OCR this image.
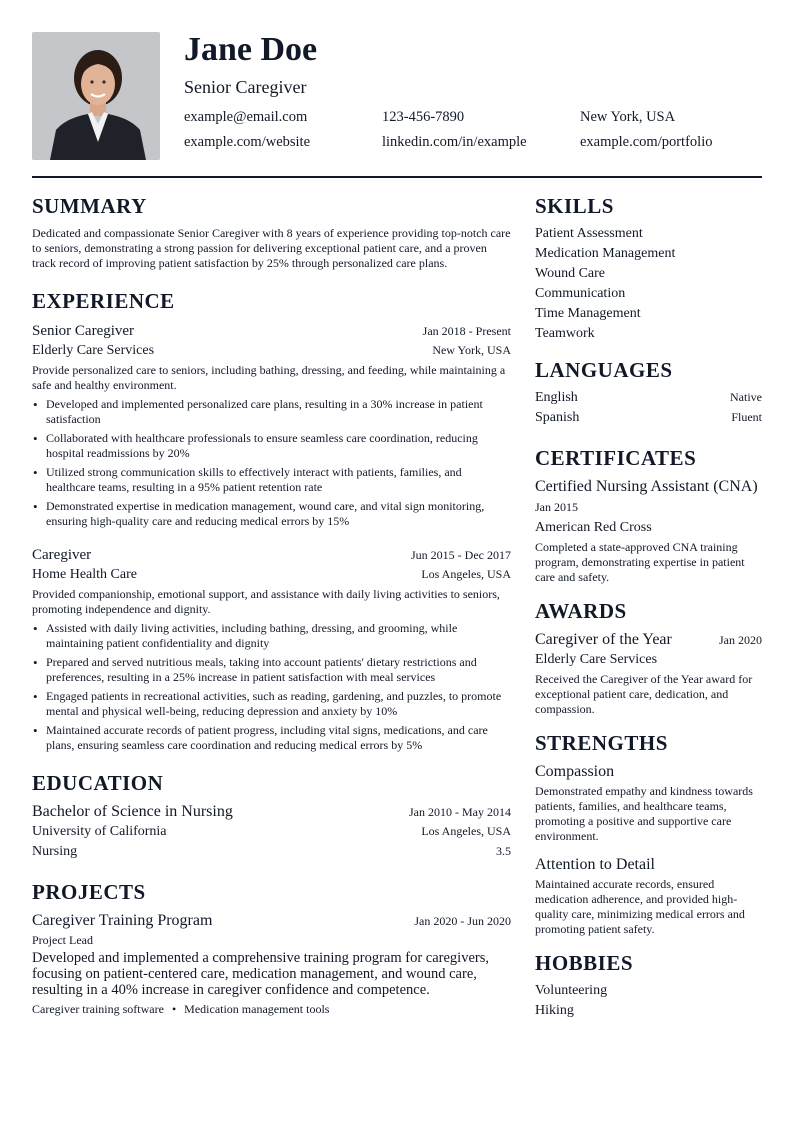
Jane Doe
Senior Caregiver
example@email.com	123-456-7890	New York, USA
example.com/website	linkedin.com/in/example	example.com/portfolio
SUMMARY
Dedicated and compassionate Senior Caregiver with 8 years of experience providing top-notch care to seniors, demonstrating a strong passion for delivering exceptional patient care, and a proven track record of improving patient satisfaction by 25% through personalized care plans.
EXPERIENCE
Senior Caregiver	Jan 2018 - Present
Elderly Care Services	New York, USA
Provide personalized care to seniors, including bathing, dressing, and feeding, while maintaining a safe and healthy environment.
• Developed and implemented personalized care plans, resulting in a 30% increase in patient satisfaction
• Collaborated with healthcare professionals to ensure seamless care coordination, reducing hospital readmissions by 20%
• Utilized strong communication skills to effectively interact with patients, families, and healthcare teams, resulting in a 95% patient retention rate
• Demonstrated expertise in medication management, wound care, and vital sign monitoring, ensuring high-quality care and reducing medical errors by 15%
Caregiver	Jun 2015 - Dec 2017
Home Health Care	Los Angeles, USA
Provided companionship, emotional support, and assistance with daily living activities to seniors, promoting independence and dignity.
• Assisted with daily living activities, including bathing, dressing, and grooming, while maintaining patient confidentiality and dignity
• Prepared and served nutritious meals, taking into account patients' dietary restrictions and preferences, resulting in a 25% increase in patient satisfaction with meal services
• Engaged patients in recreational activities, such as reading, gardening, and puzzles, to promote mental and physical well-being, reducing depression and anxiety by 10%
• Maintained accurate records of patient progress, including vital signs, medications, and care plans, ensuring seamless care coordination and reducing medical errors by 5%
EDUCATION
Bachelor of Science in Nursing	Jan 2010 - May 2014
University of California	Los Angeles, USA
Nursing	3.5
PROJECTS
Caregiver Training Program	Jan 2020 - Jun 2020
Project Lead
Developed and implemented a comprehensive training program for caregivers, focusing on patient-centered care, medication management, and wound care, resulting in a 40% increase in caregiver confidence and competence.
Caregiver training software • Medication management tools
SKILLS
Patient Assessment
Medication Management
Wound Care
Communication
Time Management
Teamwork
LANGUAGES
English	Native
Spanish	Fluent
CERTIFICATES
Certified Nursing Assistant (CNA)
Jan 2015
American Red Cross
Completed a state-approved CNA training program, demonstrating expertise in patient care and safety.
AWARDS
Caregiver of the Year	Jan 2020
Elderly Care Services
Received the Caregiver of the Year award for exceptional patient care, dedication, and compassion.
STRENGTHS
Compassion
Demonstrated empathy and kindness towards patients, families, and healthcare teams, promoting a positive and supportive care environment.
Attention to Detail
Maintained accurate records, ensured medication adherence, and provided high-quality care, minimizing medical errors and promoting patient safety.
HOBBIES
Volunteering
Hiking
